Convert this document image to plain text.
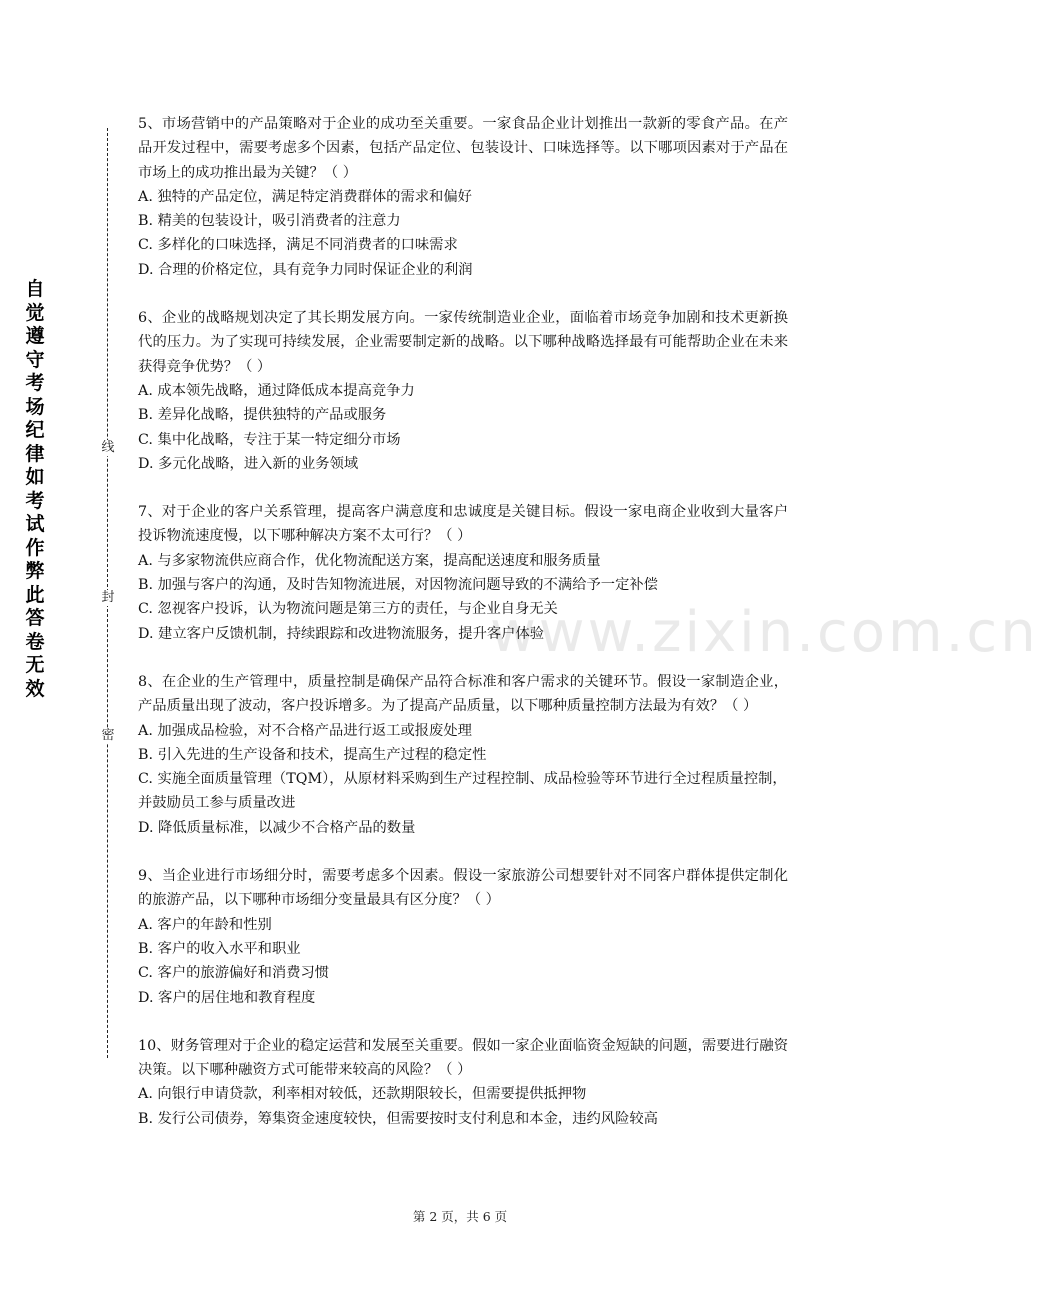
自觉遵守考场纪律如考试作弊此答卷无效
线
封
密
www.zixin.com.cn

5、市场营销中的产品策略对于企业的成功至关重要。一家食品企业计划推出一款新的零食产品。在产品开发过程中，需要考虑多个因素，包括产品定位、包装设计、口味选择等。以下哪项因素对于产品在市场上的成功推出最为关键？（ ）

A. 独特的产品定位，满足特定消费群体的需求和偏好
B. 精美的包装设计，吸引消费者的注意力
C. 多样化的口味选择，满足不同消费者的口味需求
D. 合理的价格定位，具有竞争力同时保证企业的利润

6、企业的战略规划决定了其长期发展方向。一家传统制造业企业，面临着市场竞争加剧和技术更新换代的压力。为了实现可持续发展，企业需要制定新的战略。以下哪种战略选择最有可能帮助企业在未来获得竞争优势？（ ）

A. 成本领先战略，通过降低成本提高竞争力
B. 差异化战略，提供独特的产品或服务
C. 集中化战略，专注于某一特定细分市场
D. 多元化战略，进入新的业务领域

7、对于企业的客户关系管理，提高客户满意度和忠诚度是关键目标。假设一家电商企业收到大量客户投诉物流速度慢，以下哪种解决方案不太可行？（ ）

A. 与多家物流供应商合作，优化物流配送方案，提高配送速度和服务质量
B. 加强与客户的沟通，及时告知物流进展，对因物流问题导致的不满给予一定补偿
C. 忽视客户投诉，认为物流问题是第三方的责任，与企业自身无关
D. 建立客户反馈机制，持续跟踪和改进物流服务，提升客户体验

8、在企业的生产管理中，质量控制是确保产品符合标准和客户需求的关键环节。假设一家制造企业，产品质量出现了波动，客户投诉增多。为了提高产品质量，以下哪种质量控制方法最为有效？（ ）

A. 加强成品检验，对不合格产品进行返工或报废处理
B. 引入先进的生产设备和技术，提高生产过程的稳定性
C. 实施全面质量管理（TQM），从原材料采购到生产过程控制、成品检验等环节进行全过程质量控制，并鼓励员工参与质量改进
D. 降低质量标准，以减少不合格产品的数量

9、当企业进行市场细分时，需要考虑多个因素。假设一家旅游公司想要针对不同客户群体提供定制化的旅游产品，以下哪种市场细分变量最具有区分度？（ ）

A. 客户的年龄和性别
B. 客户的收入水平和职业
C. 客户的旅游偏好和消费习惯
D. 客户的居住地和教育程度

10、财务管理对于企业的稳定运营和发展至关重要。假如一家企业面临资金短缺的问题，需要进行融资决策。以下哪种融资方式可能带来较高的风险？（ ）

A. 向银行申请贷款，利率相对较低，还款期限较长，但需要提供抵押物
B. 发行公司债券，筹集资金速度较快，但需要按时支付利息和本金，违约风险较高
第 2 页，共 6 页
